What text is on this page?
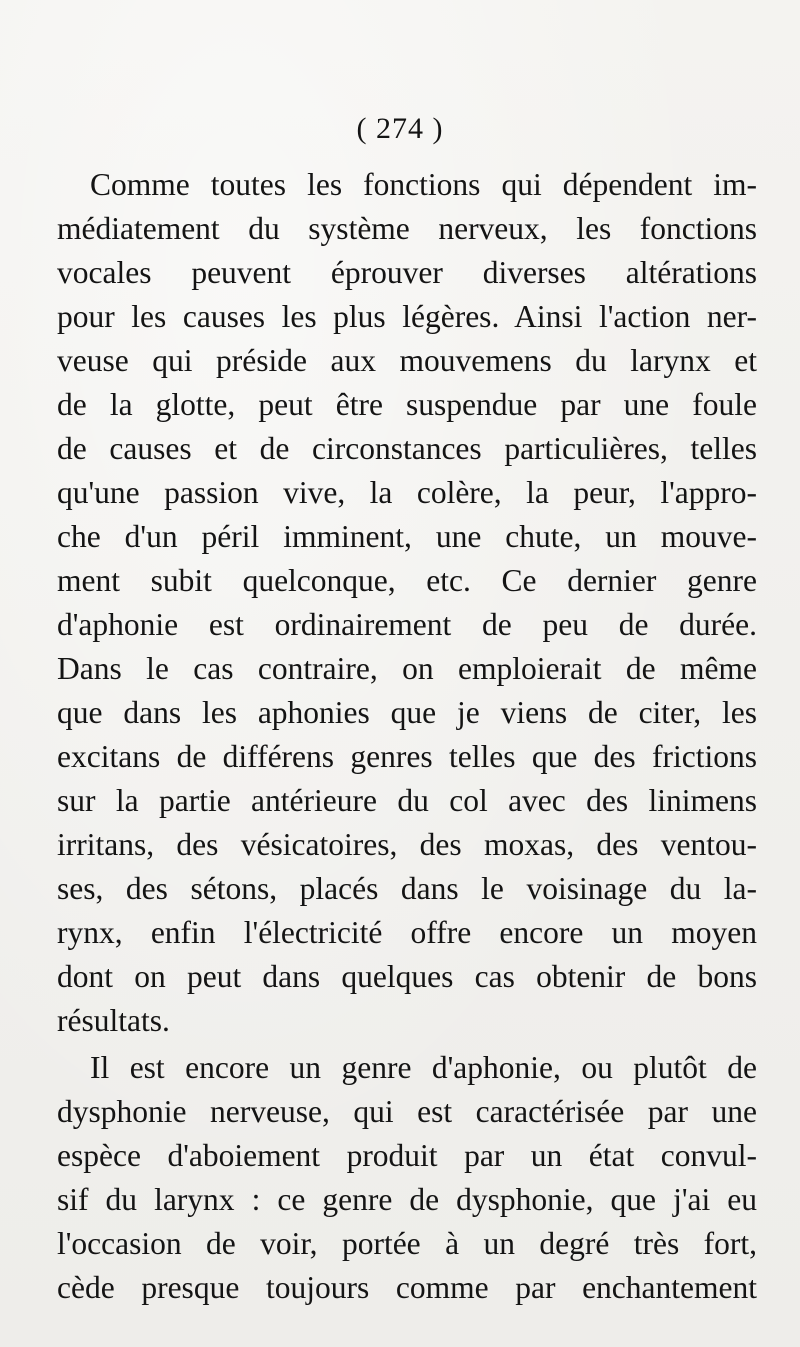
( 274 )
Comme toutes les fonctions qui dépendent im-
médiatement du système nerveux, les fonctions
vocales peuvent éprouver diverses altérations
pour les causes les plus légères. Ainsi l'action ner-
veuse qui préside aux mouvemens du larynx et
de la glotte, peut être suspendue par une foule
de causes et de circonstances particulières, telles
qu'une passion vive, la colère, la peur, l'appro-
che d'un péril imminent, une chute, un mouve-
ment subit quelconque, etc. Ce dernier genre
d'aphonie est ordinairement de peu de durée.
Dans le cas contraire, on emploierait de même
que dans les aphonies que je viens de citer, les
excitans de différens genres telles que des frictions
sur la partie antérieure du col avec des linimens
irritans, des vésicatoires, des moxas, des ventou-
ses, des sétons, placés dans le voisinage du la-
rynx, enfin l'électricité offre encore un moyen
dont on peut dans quelques cas obtenir de bons
résultats.
Il est encore un genre d'aphonie, ou plutôt de
dysphonie nerveuse, qui est caractérisée par une
espèce d'aboiement produit par un état convul-
sif du larynx : ce genre de dysphonie, que j'ai eu
l'occasion de voir, portée à un degré très fort,
cède presque toujours comme par enchantement
